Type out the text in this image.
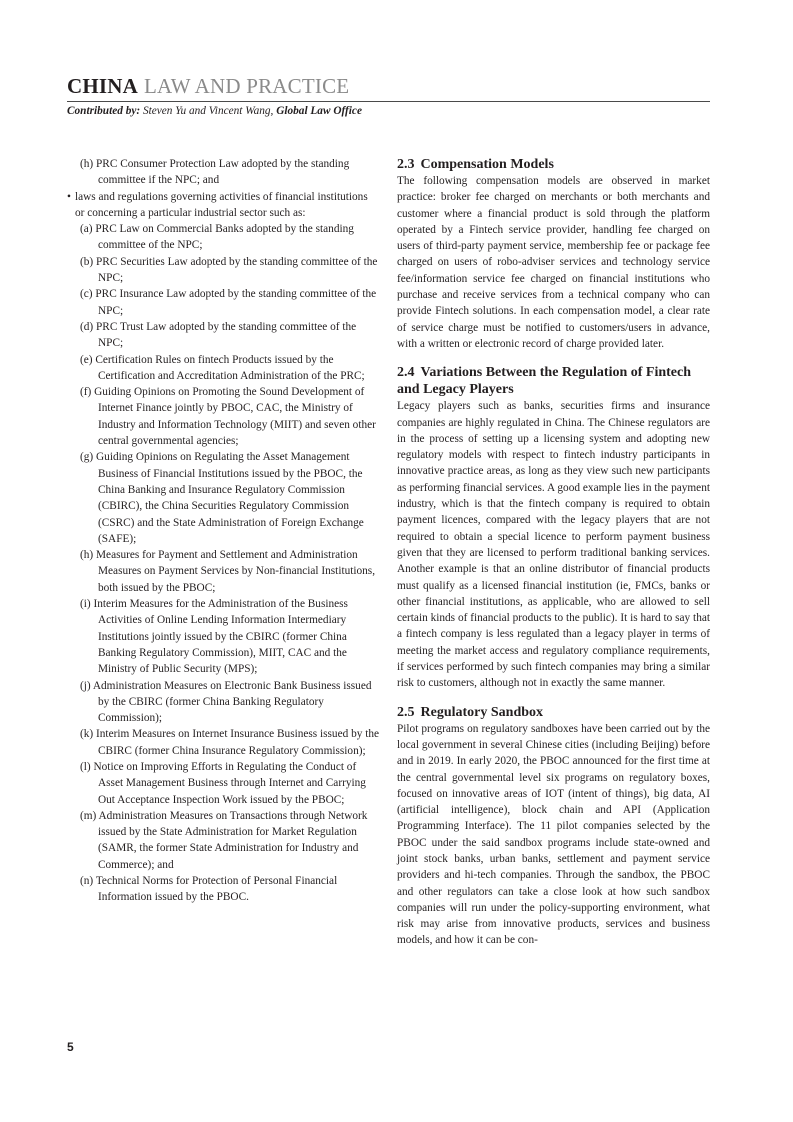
CHINA LAW AND PRACTICE
Contributed by: Steven Yu and Vincent Wang, Global Law Office
(h) PRC Consumer Protection Law adopted by the standing committee if the NPC; and
• laws and regulations governing activities of financial institutions or concerning a particular industrial sector such as:
(a) PRC Law on Commercial Banks adopted by the standing committee of the NPC;
(b) PRC Securities Law adopted by the standing committee of the NPC;
(c) PRC Insurance Law adopted by the standing committee of the NPC;
(d) PRC Trust Law adopted by the standing committee of the NPC;
(e) Certification Rules on fintech Products issued by the Certification and Accreditation Administration of the PRC;
(f) Guiding Opinions on Promoting the Sound Development of Internet Finance jointly by PBOC, CAC, the Ministry of Industry and Information Technology (MIIT) and seven other central governmental agencies;
(g) Guiding Opinions on Regulating the Asset Management Business of Financial Institutions issued by the PBOC, the China Banking and Insurance Regulatory Commission (CBIRC), the China Securities Regulatory Commission (CSRC) and the State Administration of Foreign Exchange (SAFE);
(h) Measures for Payment and Settlement and Administration Measures on Payment Services by Non-financial Institutions, both issued by the PBOC;
(i) Interim Measures for the Administration of the Business Activities of Online Lending Information Intermediary Institutions jointly issued by the CBIRC (former China Banking Regulatory Commission), MIIT, CAC and the Ministry of Public Security (MPS);
(j) Administration Measures on Electronic Bank Business issued by the CBIRC (former China Banking Regulatory Commission);
(k) Interim Measures on Internet Insurance Business issued by the CBIRC (former China Insurance Regulatory Commission);
(l) Notice on Improving Efforts in Regulating the Conduct of Asset Management Business through Internet and Carrying Out Acceptance Inspection Work issued by the PBOC;
(m) Administration Measures on Transactions through Network issued by the State Administration for Market Regulation (SAMR, the former State Administration for Industry and Commerce); and
(n) Technical Norms for Protection of Personal Financial Information issued by the PBOC.
2.3 Compensation Models

The following compensation models are observed in market practice: broker fee charged on merchants or both merchants and customer where a financial product is sold through the platform operated by a Fintech service provider, handling fee charged on users of third-party payment service, membership fee or package fee charged on users of robo-adviser services and technology service fee/information service fee charged on financial institutions who purchase and receive services from a technical company who can provide Fintech solutions. In each compensation model, a clear rate of service charge must be notified to customers/users in advance, with a written or electronic record of charge provided later.

2.4 Variations Between the Regulation of Fintech and Legacy Players

Legacy players such as banks, securities firms and insurance companies are highly regulated in China. The Chinese regulators are in the process of setting up a licensing system and adopting new regulatory models with respect to fintech industry participants in innovative practice areas, as long as they view such new participants as performing financial services. A good example lies in the payment industry, which is that the fintech company is required to obtain payment licences, compared with the legacy players that are not required to obtain a special licence to perform payment business given that they are licensed to perform traditional banking services. Another example is that an online distributor of financial products must qualify as a licensed financial institution (ie, FMCs, banks or other financial institutions, as applicable, who are allowed to sell certain kinds of financial products to the public). It is hard to say that a fintech company is less regulated than a legacy player in terms of meeting the market access and regulatory compliance requirements, if services performed by such fintech companies may bring a similar risk to customers, although not in exactly the same manner.

2.5 Regulatory Sandbox

Pilot programs on regulatory sandboxes have been carried out by the local government in several Chinese cities (including Beijing) before and in 2019. In early 2020, the PBOC announced for the first time at the central governmental level six programs on regulatory boxes, focused on innovative areas of IOT (intent of things), big data, AI (artificial intelligence), block chain and API (Application Programming Interface). The 11 pilot companies selected by the PBOC under the said sandbox programs include state-owned and joint stock banks, urban banks, settlement and payment service providers and hi-tech companies. Through the sandbox, the PBOC and other regulators can take a close look at how such sandbox companies will run under the policy-supporting environment, what risk may arise from innovative products, services and business models, and how it can be con-

5
